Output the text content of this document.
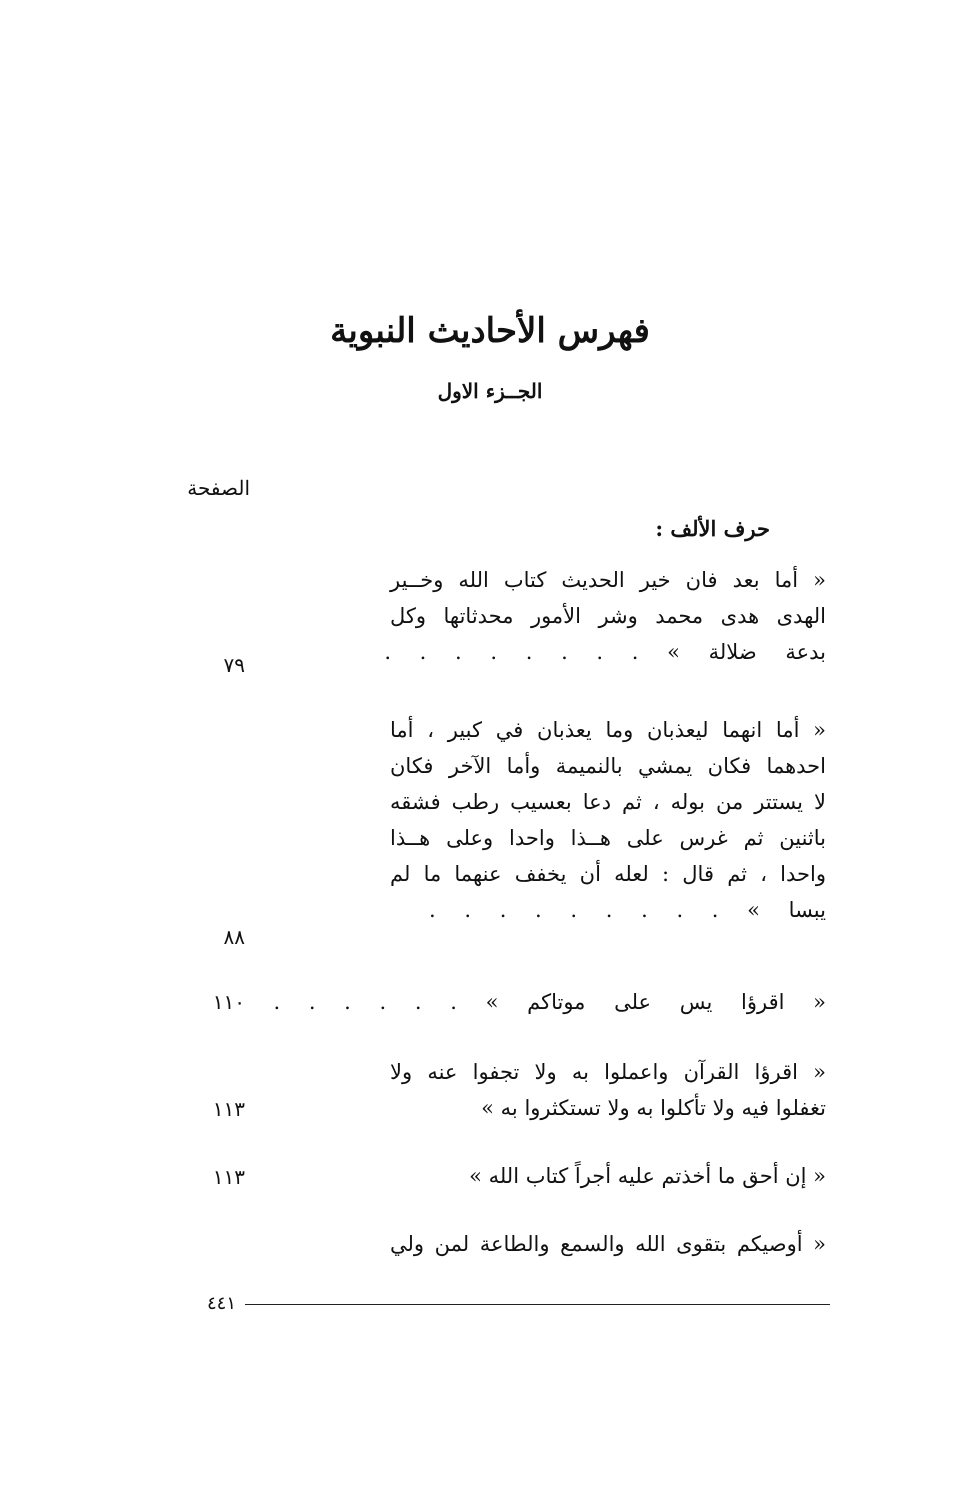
فهرس الأحاديث النبوية
الجــزء الاول
الصفحة
حرف الألف :
« أما بعد فان خير الحديث كتاب الله وخــير
الهدى هدى محمد وشر الأمور محدثاتها وكل
بدعة ضلالة » . . . . . . . .
٧٩
« أما انهما ليعذبان وما يعذبان في كبير ، أما
احدهما فكان يمشي بالنميمة وأما الآخر فكان
لا يستتر من بوله ، ثم دعا بعسيب رطب فشقه
باثنين ثم غرس على هــذا واحدا وعلى هــذا
واحدا ، ثم قال : لعله أن يخفف عنهما ما لم
يبسا » . . . . . . . . .
٨٨
« اقرؤا يس على موتاكم » . . . . . .
١١٠
« اقرؤا القرآن واعملوا به ولا تجفوا عنه ولا
تغفلوا فيه ولا تأكلوا به ولا تستكثروا به »
١١٣
« إن أحق ما أخذتم عليه أجراً كتاب الله »
١١٣
« أوصيكم بتقوى الله والسمع والطاعة لمن ولي
٤٤١
